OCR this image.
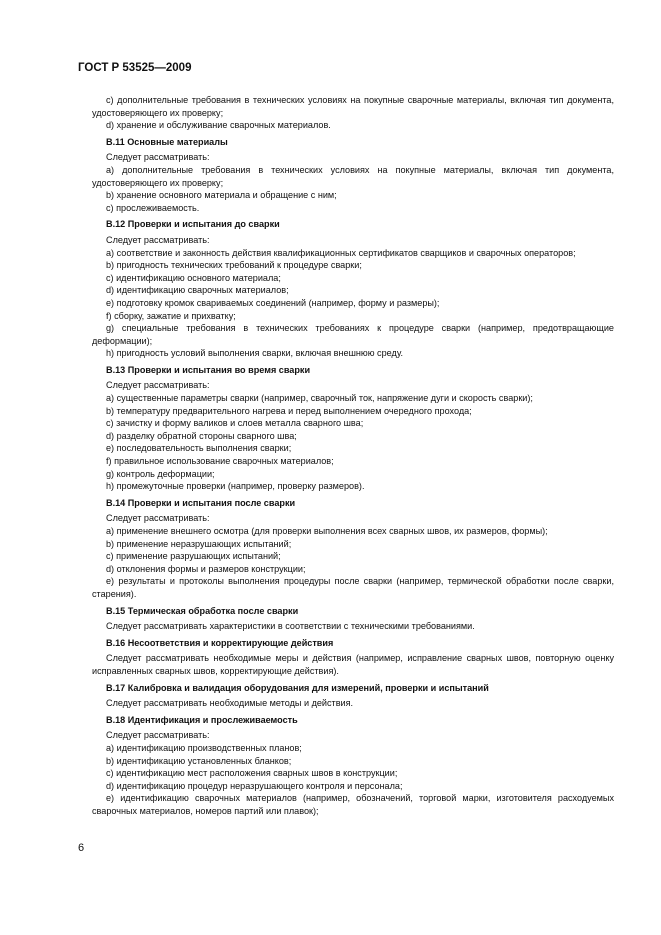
ГОСТ Р 53525—2009
c) дополнительные требования в технических условиях на покупные сварочные материалы, включая тип документа, удостоверяющего их проверку;
d) хранение и обслуживание сварочных материалов.
В.11 Основные материалы
Следует рассматривать:
a) дополнительные требования в технических условиях на покупные материалы, включая тип документа, удостоверяющего их проверку;
b) хранение основного материала и обращение с ним;
c) прослеживаемость.
В.12 Проверки и испытания до сварки
Следует рассматривать:
a) соответствие и законность действия квалификационных сертификатов сварщиков и сварочных операторов;
b) пригодность технических требований к процедуре сварки;
c) идентификацию основного материала;
d) идентификацию сварочных материалов;
e) подготовку кромок свариваемых соединений (например, форму и размеры);
f) сборку, зажатие и прихватку;
g) специальные требования в технических требованиях к процедуре сварки (например, предотвращающие деформации);
h) пригодность условий выполнения сварки, включая внешнюю среду.
В.13 Проверки и испытания во время сварки
Следует рассматривать:
a) существенные параметры сварки (например, сварочный ток, напряжение дуги и скорость сварки);
b) температуру предварительного нагрева и перед выполнением очередного прохода;
c) зачистку и форму валиков и слоев металла сварного шва;
d) разделку обратной стороны сварного шва;
e) последовательность выполнения сварки;
f) правильное использование сварочных материалов;
g) контроль деформации;
h) промежуточные проверки (например, проверку размеров).
В.14 Проверки и испытания после сварки
Следует рассматривать:
a) применение внешнего осмотра (для проверки выполнения всех сварных швов, их размеров, формы);
b) применение неразрушающих испытаний;
c) применение разрушающих испытаний;
d) отклонения формы и размеров конструкции;
e) результаты и протоколы выполнения процедуры после сварки (например, термической обработки после сварки, старения).
В.15 Термическая обработка после сварки
Следует рассматривать характеристики в соответствии с техническими требованиями.
В.16 Несоответствия и корректирующие действия
Следует рассматривать необходимые меры и действия (например, исправление сварных швов, повторную оценку исправленных сварных швов, корректирующие действия).
В.17 Калибровка и валидация оборудования для измерений, проверки и испытаний
Следует рассматривать необходимые методы и действия.
В.18 Идентификация и прослеживаемость
Следует рассматривать:
a) идентификацию производственных планов;
b) идентификацию установленных бланков;
c) идентификацию мест расположения сварных швов в конструкции;
d) идентификацию процедур неразрушающего контроля и персонала;
e) идентификацию сварочных материалов (например, обозначений, торговой марки, изготовителя расходуемых сварочных материалов, номеров партий или плавок);
6
